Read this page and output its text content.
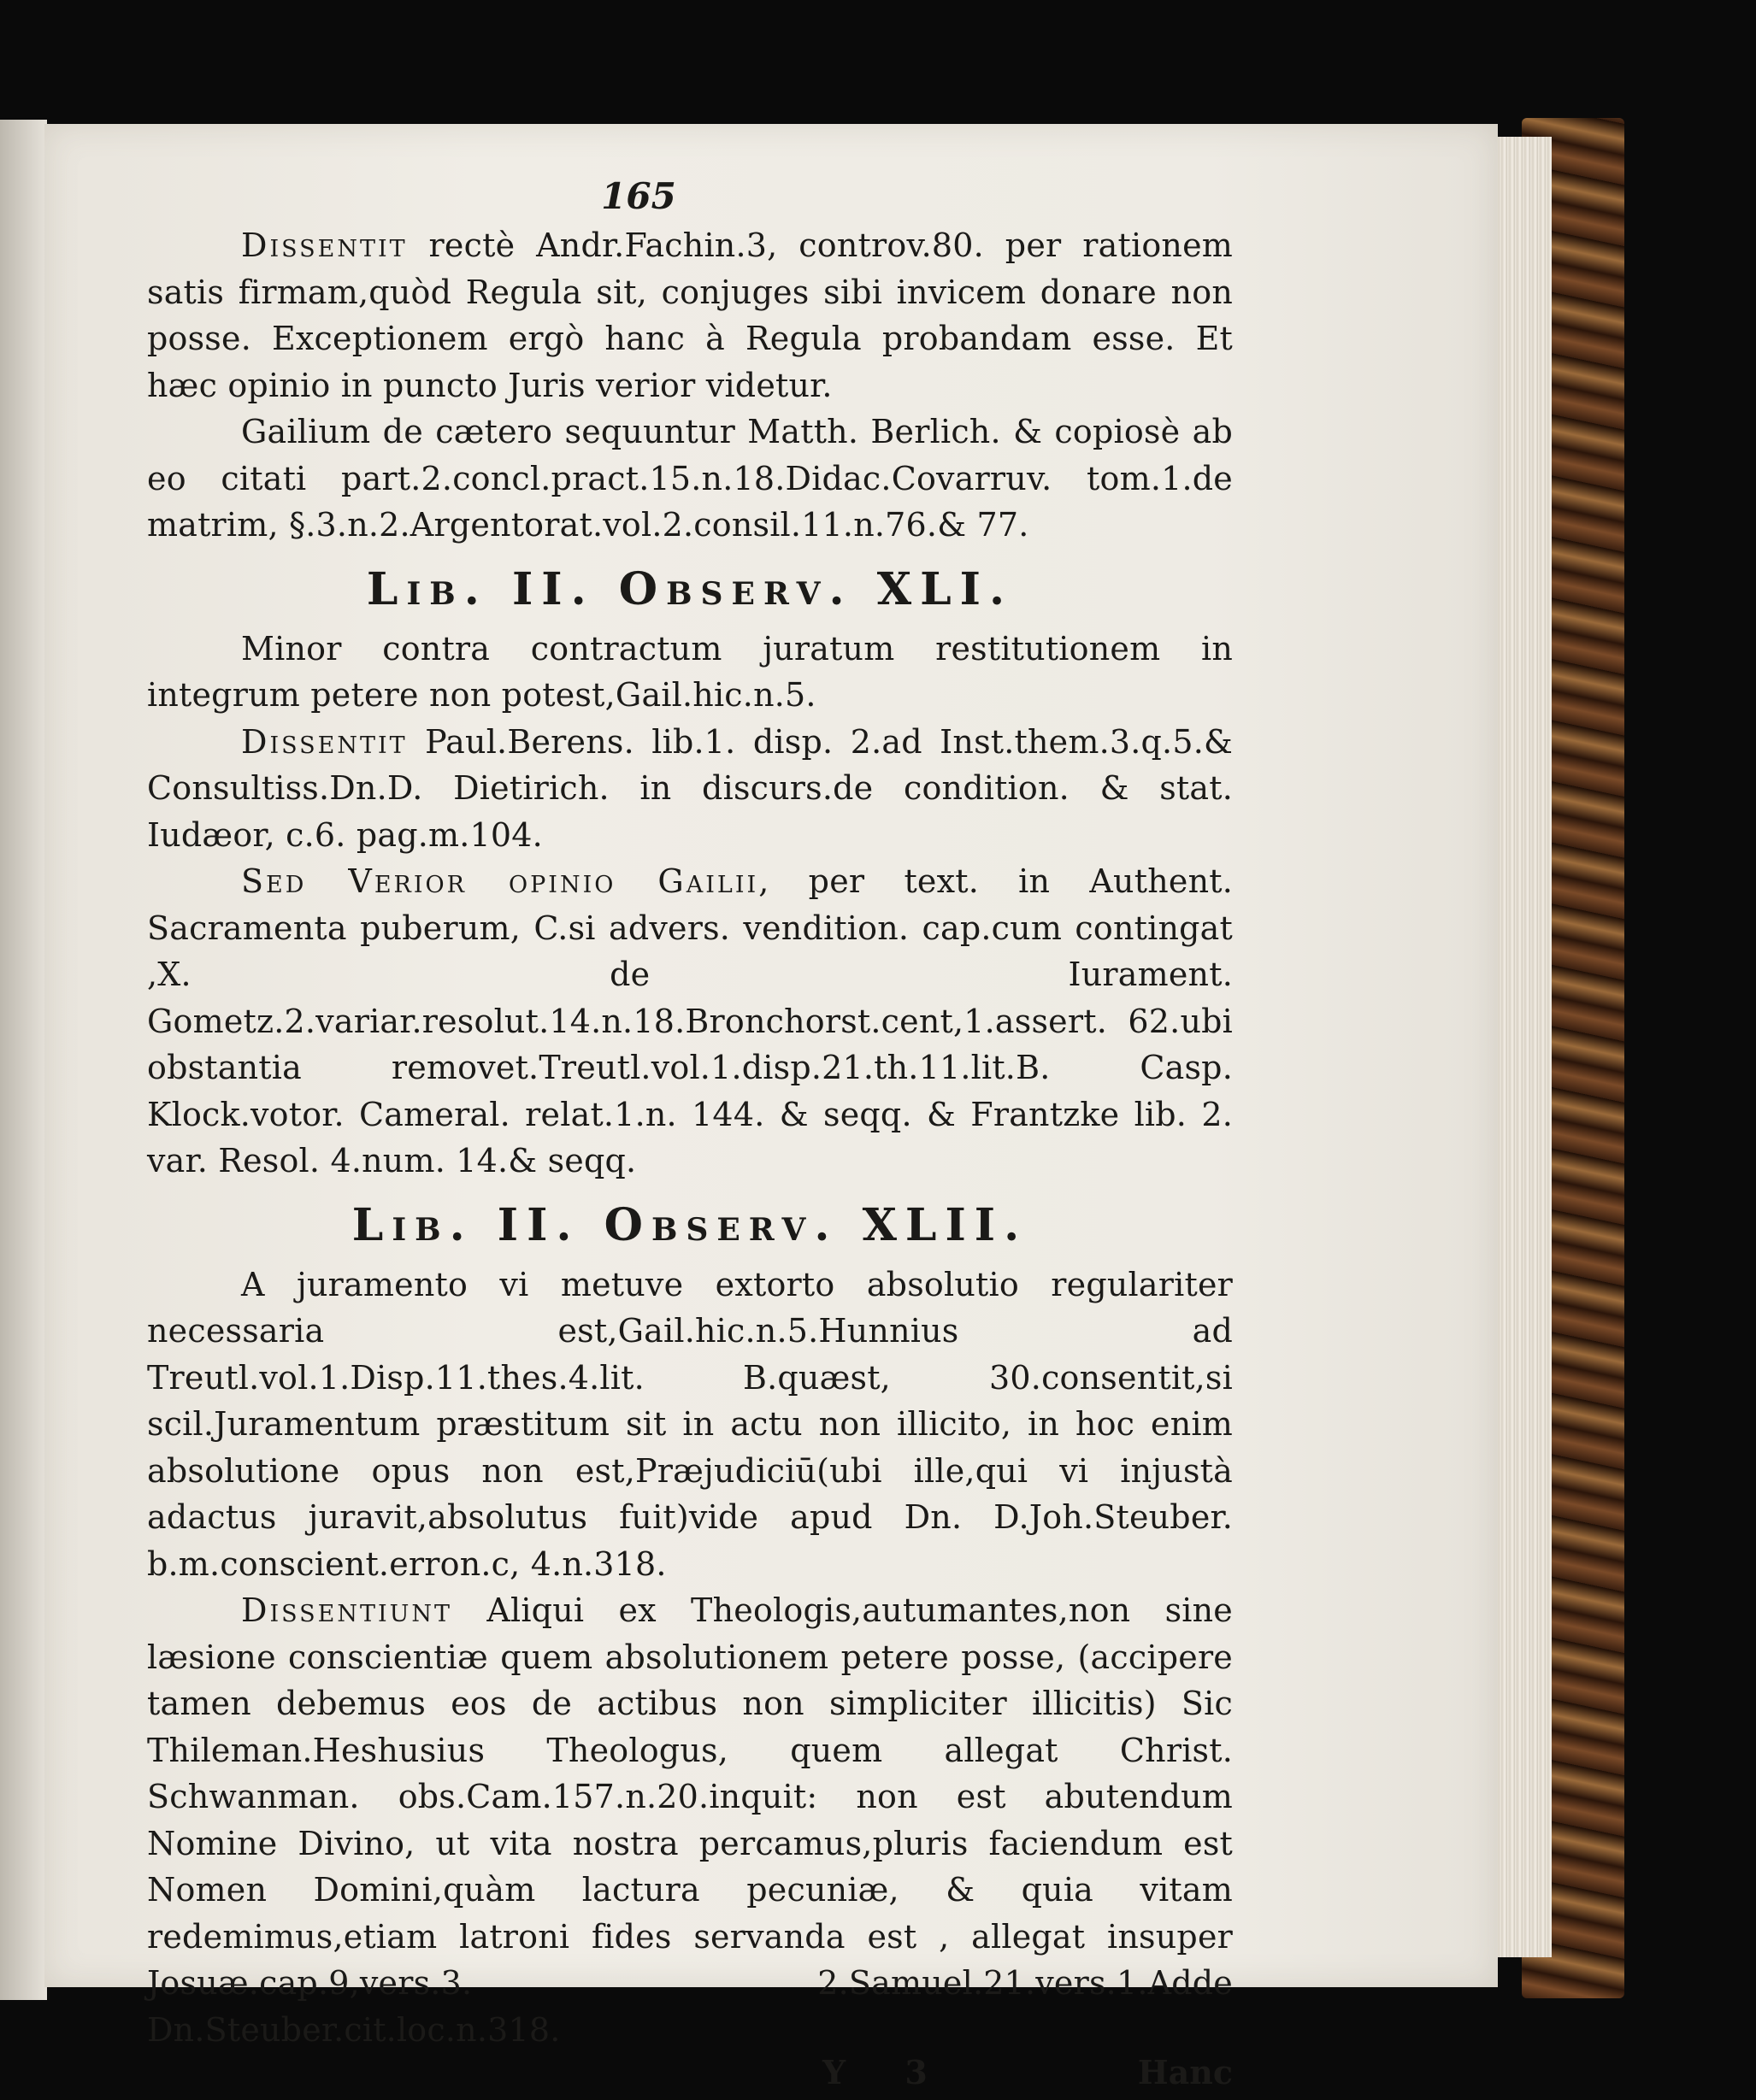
165

Dissentit rectè Andr.Fachin.3, controv.80. per rationem satis firmam,quòd Regula sit, conjuges sibi invicem donare non posse. Exceptionem ergò hanc à Regula probandam esse. Et hæc opinio in puncto Juris verior videtur.

Gailium de cætero sequuntur Matth. Berlich. & copiosè ab eo citati part.2.concl.pract.15.n.18.Didac.Covarruv. tom.1.de matrim, §.3.n.2.Argentorat.vol.2.consil.11.n.76.& 77.

Lib. II. Observ. XLI.

Minor contra contractum juratum restitutionem in integrum petere non potest,Gail.hic.n.5.

Dissentit Paul.Berens. lib.1. disp. 2.ad Inst.them.3.q.5.& Consultiss.Dn.D. Dietirich. in discurs.de condition. & stat. Iudæor, c.6. pag.m.104.

Sed Verior opinio Gailii, per text. in Authent. Sacramenta puberum, C.si advers. vendition. cap.cum contingat ,X. de Iurament. Gometz.2.variar.resolut.14.n.18.Bronchorst.cent,1.assert. 62.ubi obstantia removet.Treutl.vol.1.disp.21.th.11.lit.B. Casp. Klock.votor. Cameral. relat.1.n. 144. & seqq. & Frantzke lib. 2. var. Resol. 4.num. 14.& seqq.

Lib. II. Observ. XLII.

A juramento vi metuve extorto absolutio regulariter necessaria est,Gail.hic.n.5.Hunnius ad Treutl.vol.1.Disp.11.thes.4.lit. B.quæst, 30.consentit,si scil.Juramentum præstitum sit in actu non illicito, in hoc enim absolutione opus non est,Præjudiciū(ubi ille,qui vi injustà adactus juravit,absolutus fuit)vide apud Dn. D.Joh.Steuber. b.m.conscient.erron.c, 4.n.318.

Dissentiunt Aliqui ex Theologis,autumantes,non sine læsione conscientiæ quem absolutionem petere posse, (accipere tamen debemus eos de actibus non simpliciter illicitis) Sic Thileman.Heshusius Theologus, quem allegat Christ. Schwanman. obs.Cam.157.n.20.inquit: non est abutendum Nomine Divino, ut vita nostra percamus,pluris faciendum est Nomen Domini,quàm lactura pecuniæ, & quia vitam redemimus,etiam latroni fides servanda est , allegat insuper Josuæ.cap.9,vers.3. 2.Samuel.21.vers.1.Adde Dn.Steuber.cit.loc.n.318.

Y 3	Hanc
